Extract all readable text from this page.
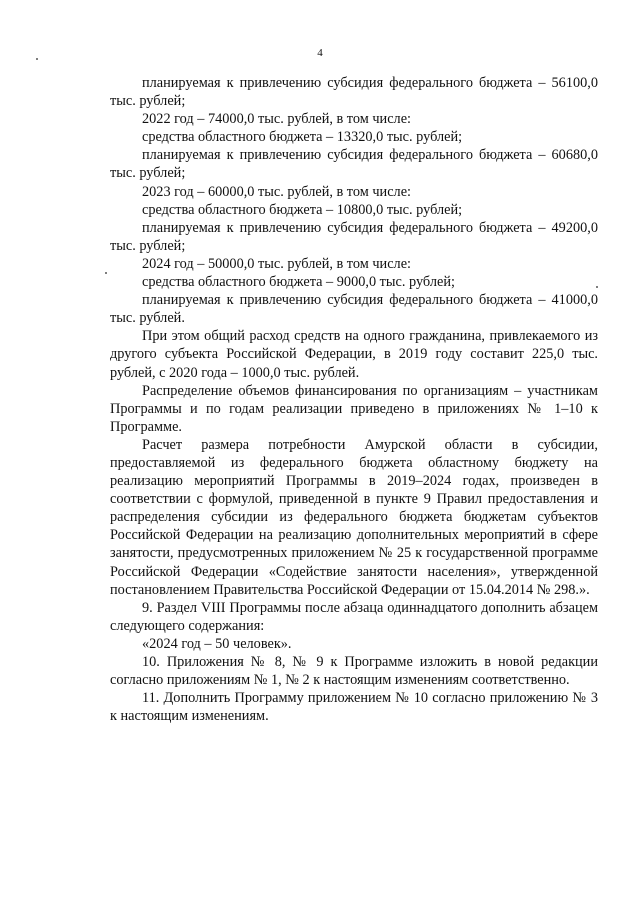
4

планируемая к привлечению субсидия федерального бюджета – 56100,0 тыс. рублей;

2022 год – 74000,0 тыс. рублей, в том числе:

средства областного бюджета – 13320,0 тыс. рублей;

планируемая к привлечению субсидия федерального бюджета – 60680,0 тыс. рублей;

2023 год – 60000,0 тыс. рублей, в том числе:

средства областного бюджета – 10800,0 тыс. рублей;

планируемая к привлечению субсидия федерального бюджета – 49200,0 тыс. рублей;

2024 год – 50000,0 тыс. рублей, в том числе:

средства областного бюджета – 9000,0 тыс. рублей;

планируемая к привлечению субсидия федерального бюджета – 41000,0 тыс. рублей.

При этом общий расход средств на одного гражданина, привлекаемого из другого субъекта Российской Федерации, в 2019 году составит 225,0 тыс. рублей, с 2020 года – 1000,0 тыс. рублей.

Распределение объемов финансирования по организациям – участникам Программы и по годам реализации приведено в приложениях № 1–10 к Программе.

Расчет размера потребности Амурской области в субсидии, предоставляемой из федерального бюджета областному бюджету на реализацию мероприятий Программы в 2019–2024 годах, произведен в соответствии с формулой, приведенной в пункте 9 Правил предоставления и распределения субсидии из федерального бюджета бюджетам субъектов Российской Федерации на реализацию дополнительных мероприятий в сфере занятости, предусмотренных приложением № 25 к государственной программе Российской Федерации «Содействие занятости населения», утвержденной постановлением Правительства Российской Федерации от 15.04.2014 № 298.».

9. Раздел VIII Программы после абзаца одиннадцатого дополнить абзацем следующего содержания:

«2024 год – 50 человек».

10. Приложения № 8, № 9 к Программе изложить в новой редакции согласно приложениям № 1, № 2 к настоящим изменениям соответственно.

11. Дополнить Программу приложением № 10 согласно приложению № 3 к настоящим изменениям.
